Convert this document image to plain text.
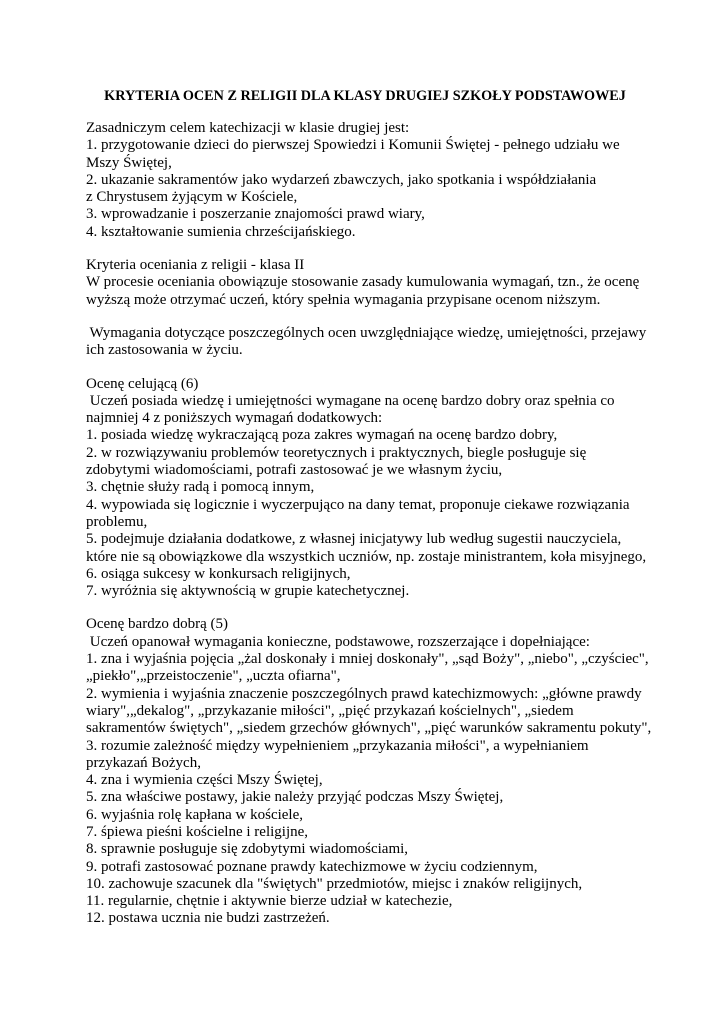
KRYTERIA OCEN Z RELIGII DLA KLASY DRUGIEJ SZKOŁY PODSTAWOWEJ
Zasadniczym celem katechizacji w klasie drugiej jest:
1. przygotowanie dzieci do pierwszej Spowiedzi i Komunii Świętej - pełnego udziału we
Mszy Świętej,
2. ukazanie sakramentów jako wydarzeń zbawczych, jako spotkania i współdziałania
z Chrystusem żyjącym w Kościele,
3. wprowadzanie i poszerzanie znajomości prawd wiary,
4. kształtowanie sumienia chrześcijańskiego.
Kryteria oceniania z religii - klasa II
W procesie oceniania obowiązuje stosowanie zasady kumulowania wymagań, tzn., że ocenę
wyższą może otrzymać uczeń, który spełnia wymagania przypisane ocenom niższym.
Wymagania dotyczące poszczególnych ocen uwzględniające wiedzę, umiejętności, przejawy
ich zastosowania w życiu.
Ocenę celującą (6)
Uczeń posiada wiedzę i umiejętności wymagane na ocenę bardzo dobry oraz spełnia co
najmniej 4 z poniższych wymagań dodatkowych:
1. posiada wiedzę wykraczającą poza zakres wymagań na ocenę bardzo dobry,
2. w rozwiązywaniu problemów teoretycznych i praktycznych, biegle posługuje się
zdobytymi wiadomościami, potrafi zastosować je we własnym życiu,
3. chętnie służy radą i pomocą innym,
4. wypowiada się logicznie i wyczerpująco na dany temat, proponuje ciekawe rozwiązania
problemu,
5. podejmuje działania dodatkowe, z własnej inicjatywy lub według sugestii nauczyciela,
które nie są obowiązkowe dla wszystkich uczniów, np. zostaje ministrantem, koła misyjnego,
6. osiąga sukcesy w konkursach religijnych,
7. wyróżnia się aktywnością w grupie katechetycznej.
Ocenę bardzo dobrą (5)
Uczeń opanował wymagania konieczne, podstawowe, rozszerzające i dopełniające:
1. zna i wyjaśnia pojęcia „żal doskonały i mniej doskonały", „sąd Boży", „niebo", „czyściec",
„piekło",„przeistoczenie", „uczta ofiarna",
2. wymienia i wyjaśnia znaczenie poszczególnych prawd katechizmowych: „główne prawdy
wiary",„dekalog", „przykazanie miłości", „pięć przykazań kościelnych", „siedem
sakramentów świętych", „siedem grzechów głównych", „pięć warunków sakramentu pokuty",
3. rozumie zależność między wypełnieniem „przykazania miłości", a wypełnianiem
przykazań Bożych,
4. zna i wymienia części Mszy Świętej,
5. zna właściwe postawy, jakie należy przyjąć podczas Mszy Świętej,
6. wyjaśnia rolę kapłana w kościele,
7. śpiewa pieśni kościelne i religijne,
8. sprawnie posługuje się zdobytymi wiadomościami,
9. potrafi zastosować poznane prawdy katechizmowe w życiu codziennym,
10. zachowuje szacunek dla "świętych" przedmiotów, miejsc i znaków religijnych,
11. regularnie, chętnie i aktywnie bierze udział w katechezie,
12. postawa ucznia nie budzi zastrzeżeń.
